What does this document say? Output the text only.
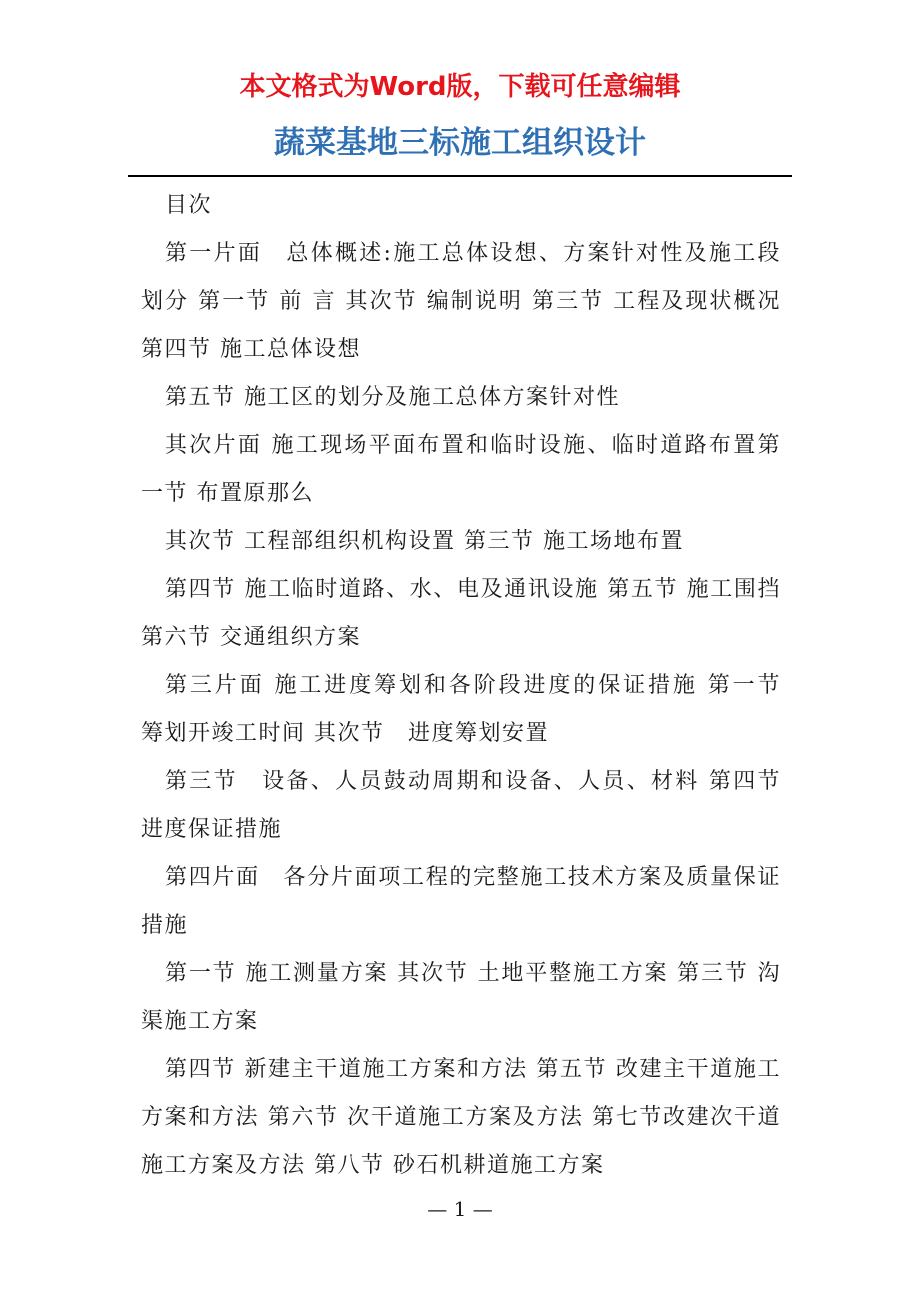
本文格式为Word版，下载可任意编辑
蔬菜基地三标施工组织设计

目次

第一片面　总体概述:施工总体设想、方案针对性及施工段划分 第一节 前 言 其次节 编制说明 第三节 工程及现状概况 第四节 施工总体设想

第五节 施工区的划分及施工总体方案针对性

其次片面 施工现场平面布置和临时设施、临时道路布置第一节 布置原那么

其次节 工程部组织机构设置 第三节 施工场地布置

第四节 施工临时道路、水、电及通讯设施 第五节 施工围挡 第六节 交通组织方案

第三片面 施工进度筹划和各阶段进度的保证措施 第一节　筹划开竣工时间 其次节　进度筹划安置

第三节　设备、人员鼓动周期和设备、人员、材料 第四节 进度保证措施

第四片面　各分片面项工程的完整施工技术方案及质量保证措施

第一节 施工测量方案 其次节 土地平整施工方案 第三节 沟渠施工方案

第四节 新建主干道施工方案和方法 第五节 改建主干道施工方案和方法 第六节 次干道施工方案及方法 第七节改建次干道施工方案及方法 第八节 砂石机耕道施工方案

— 1 —
